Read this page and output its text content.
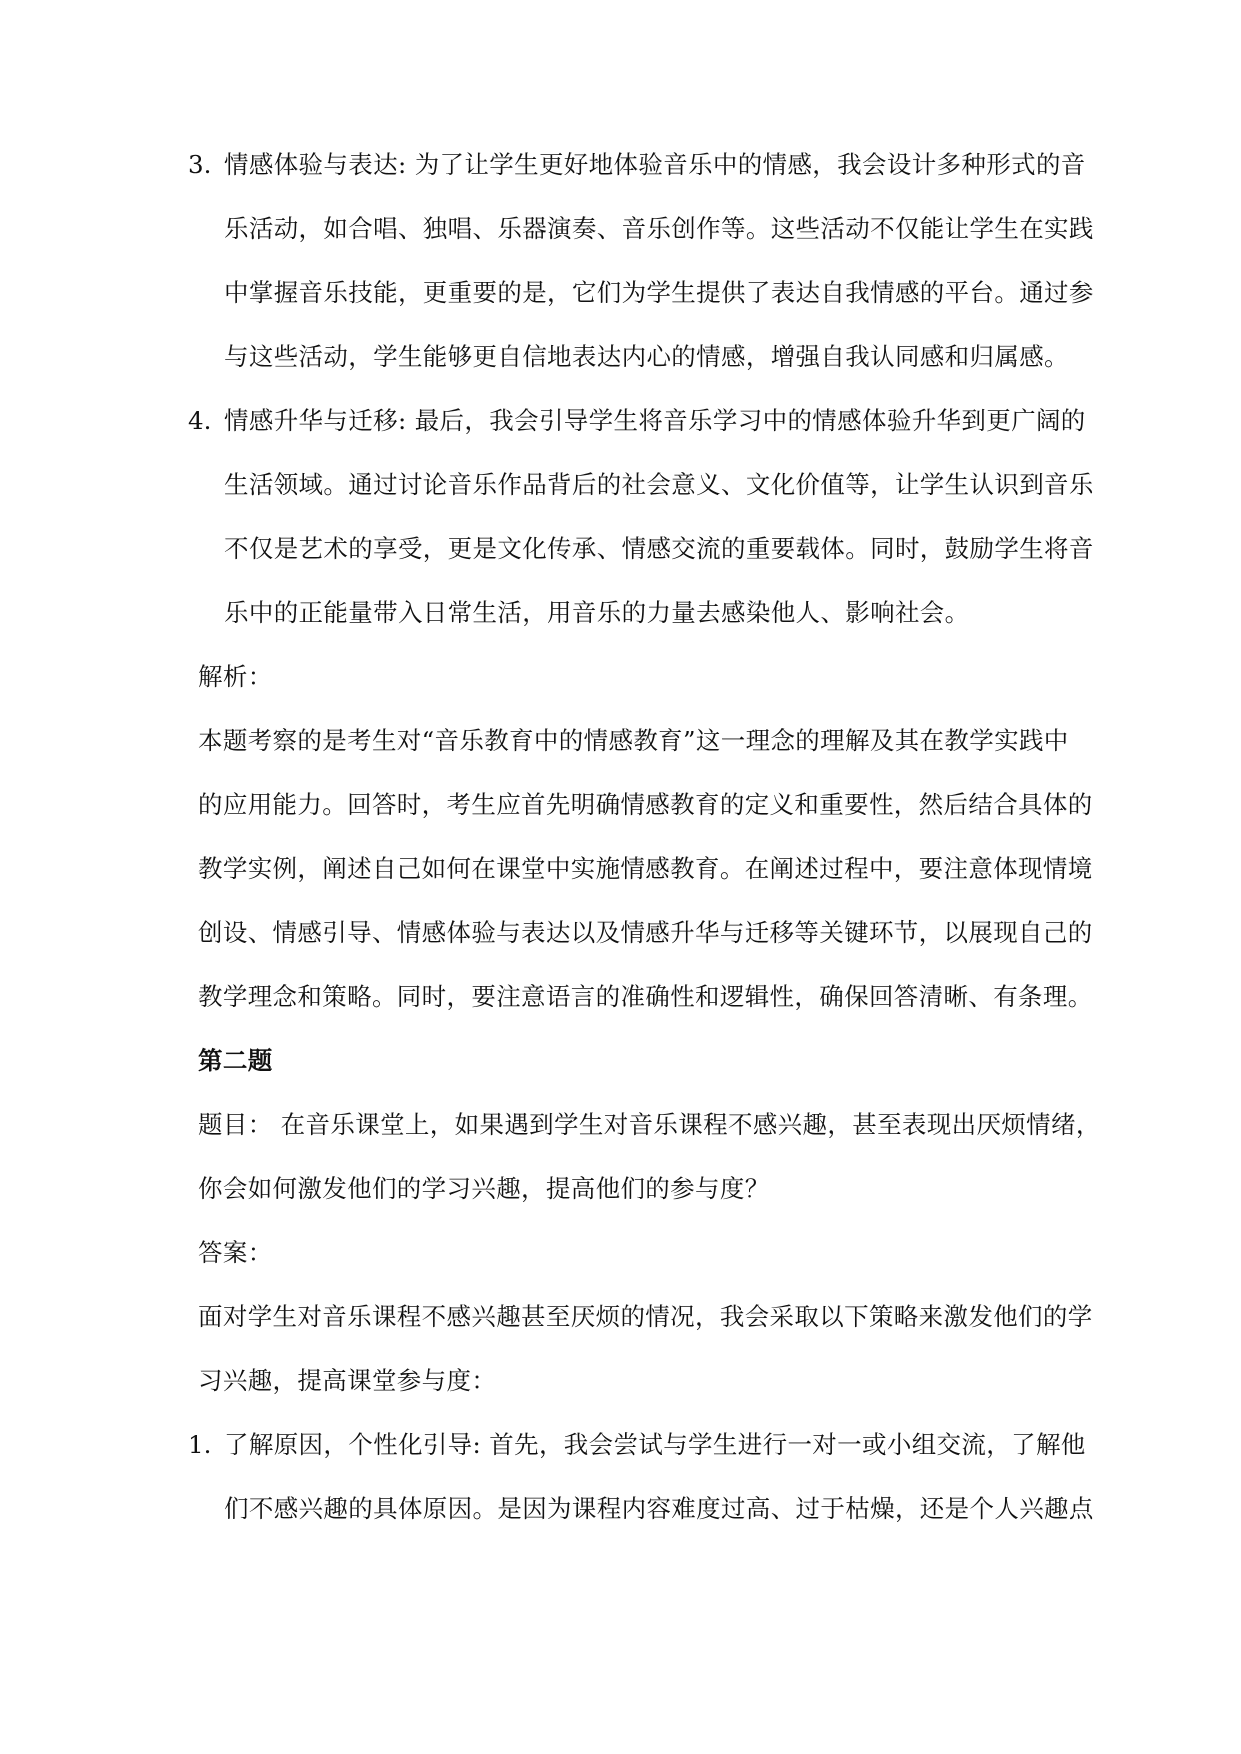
3. 情感体验与表达: 为了让学生更好地体验音乐中的情感，我会设计多种形式的音
乐活动，如合唱、独唱、乐器演奏、音乐创作等。这些活动不仅能让学生在实践
中掌握音乐技能，更重要的是，它们为学生提供了表达自我情感的平台。通过参
与这些活动，学生能够更自信地表达内心的情感，增强自我认同感和归属感。
4. 情感升华与迁移: 最后，我会引导学生将音乐学习中的情感体验升华到更广阔的
生活领域。通过讨论音乐作品背后的社会意义、文化价值等，让学生认识到音乐
不仅是艺术的享受，更是文化传承、情感交流的重要载体。同时，鼓励学生将音
乐中的正能量带入日常生活，用音乐的力量去感染他人、影响社会。
解析：
本题考察的是考生对“音乐教育中的情感教育”这一理念的理解及其在教学实践中
的应用能力。回答时，考生应首先明确情感教育的定义和重要性，然后结合具体的
教学实例，阐述自己如何在课堂中实施情感教育。在阐述过程中，要注意体现情境
创设、情感引导、情感体验与表达以及情感升华与迁移等关键环节，以展现自己的
教学理念和策略。同时，要注意语言的准确性和逻辑性，确保回答清晰、有条理。
第二题
题目： 在音乐课堂上，如果遇到学生对音乐课程不感兴趣，甚至表现出厌烦情绪，
你会如何激发他们的学习兴趣，提高他们的参与度？
答案：
面对学生对音乐课程不感兴趣甚至厌烦的情况，我会采取以下策略来激发他们的学
习兴趣，提高课堂参与度：
1. 了解原因，个性化引导: 首先，我会尝试与学生进行一对一或小组交流，了解他
们不感兴趣的具体原因。是因为课程内容难度过高、过于枯燥，还是个人兴趣点
